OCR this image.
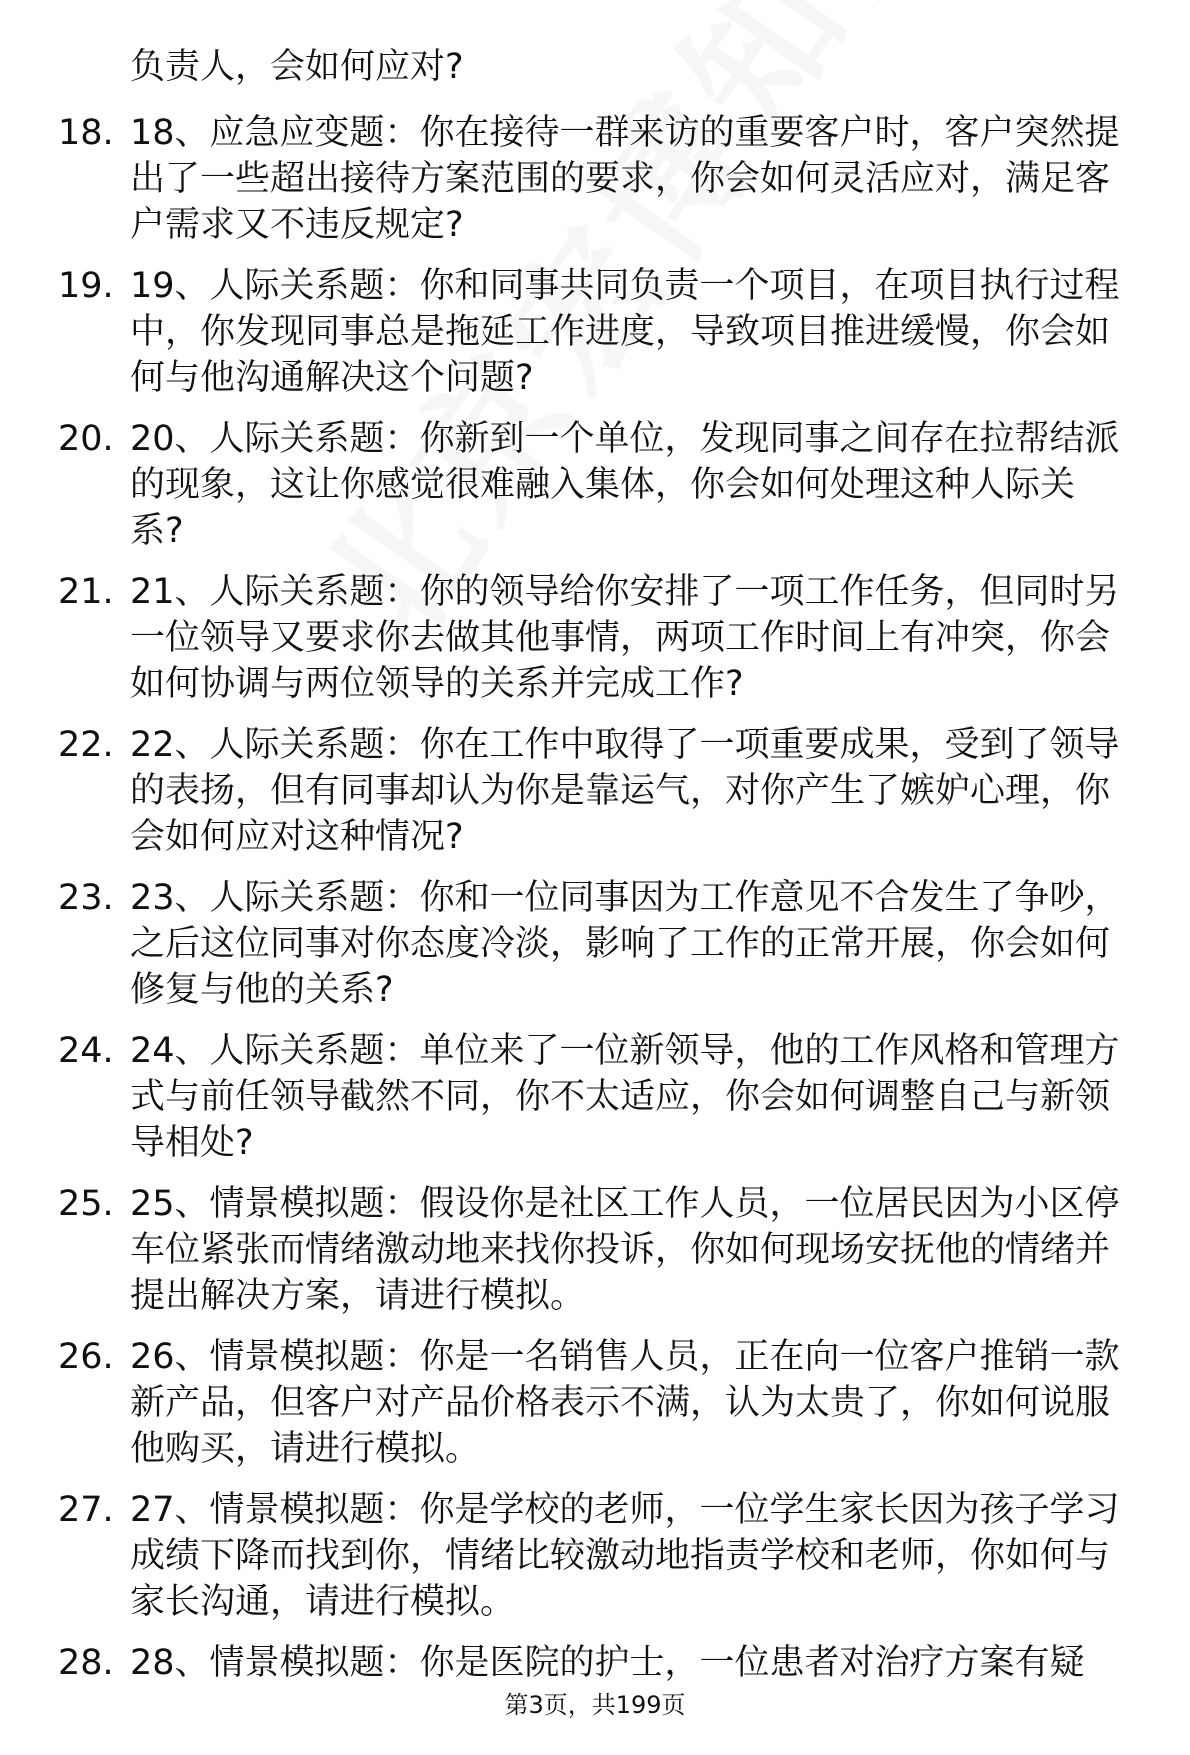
负责人，会如何应对?
18. 18、应急应变题：你在接待一群来访的重要客户时，客户突然提
出了一些超出接待方案范围的要求，你会如何灵活应对，满足客
户需求又不违反规定?
19. 19、人际关系题：你和同事共同负责一个项目，在项目执行过程
中，你发现同事总是拖延工作进度，导致项目推进缓慢，你会如
何与他沟通解决这个问题?
20. 20、人际关系题：你新到一个单位，发现同事之间存在拉帮结派
的现象，这让你感觉很难融入集体，你会如何处理这种人际关
系?
21. 21、人际关系题：你的领导给你安排了一项工作任务，但同时另
一位领导又要求你去做其他事情，两项工作时间上有冲突，你会
如何协调与两位领导的关系并完成工作?
22. 22、人际关系题：你在工作中取得了一项重要成果，受到了领导
的表扬，但有同事却认为你是靠运气，对你产生了嫉妒心理，你
会如何应对这种情况?
23. 23、人际关系题：你和一位同事因为工作意见不合发生了争吵，
之后这位同事对你态度冷淡，影响了工作的正常开展，你会如何
修复与他的关系?
24. 24、人际关系题：单位来了一位新领导，他的工作风格和管理方
式与前任领导截然不同，你不太适应，你会如何调整自己与新领
导相处?
25. 25、情景模拟题：假设你是社区工作人员，一位居民因为小区停
车位紧张而情绪激动地来找你投诉，你如何现场安抚他的情绪并
提出解决方案，请进行模拟。
26. 26、情景模拟题：你是一名销售人员，正在向一位客户推销一款
新产品，但客户对产品价格表示不满，认为太贵了，你如何说服
他购买，请进行模拟。
27. 27、情景模拟题：你是学校的老师，一位学生家长因为孩子学习
成绩下降而找到你，情绪比较激动地指责学校和老师，你如何与
家长沟通，请进行模拟。
28. 28、情景模拟题：你是医院的护士，一位患者对治疗方案有疑
第3页，共199页
